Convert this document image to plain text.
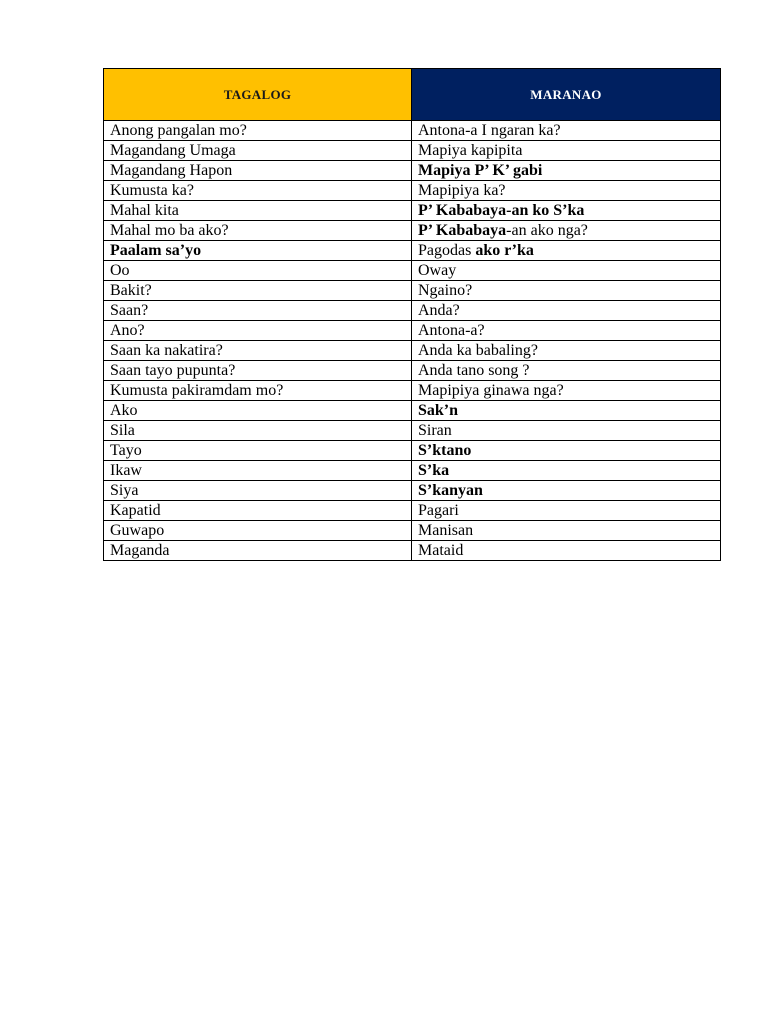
TAGALOG	MARANAO
Anong pangalan mo?	Antona-a I ngaran ka?
Magandang Umaga	Mapiya kapipita
Magandang Hapon	Mapiya P’ K’ gabi
Kumusta ka?	Mapipiya ka?
Mahal kita	P’ Kababaya-an ko S’ka
Mahal mo ba ako?	P’ Kababaya-an ako nga?
Paalam sa’yo	Pagodas ako r’ka
Oo	Oway
Bakit?	Ngaino?
Saan?	Anda?
Ano?	Antona-a?
Saan ka nakatira?	Anda ka babaling?
Saan tayo pupunta?	Anda tano song ?
Kumusta pakiramdam mo?	Mapipiya ginawa nga?
Ako	Sak’n
Sila	Siran
Tayo	S’ktano
Ikaw	S’ka
Siya	S’kanyan
Kapatid	Pagari
Guwapo	Manisan
Maganda	Mataid
